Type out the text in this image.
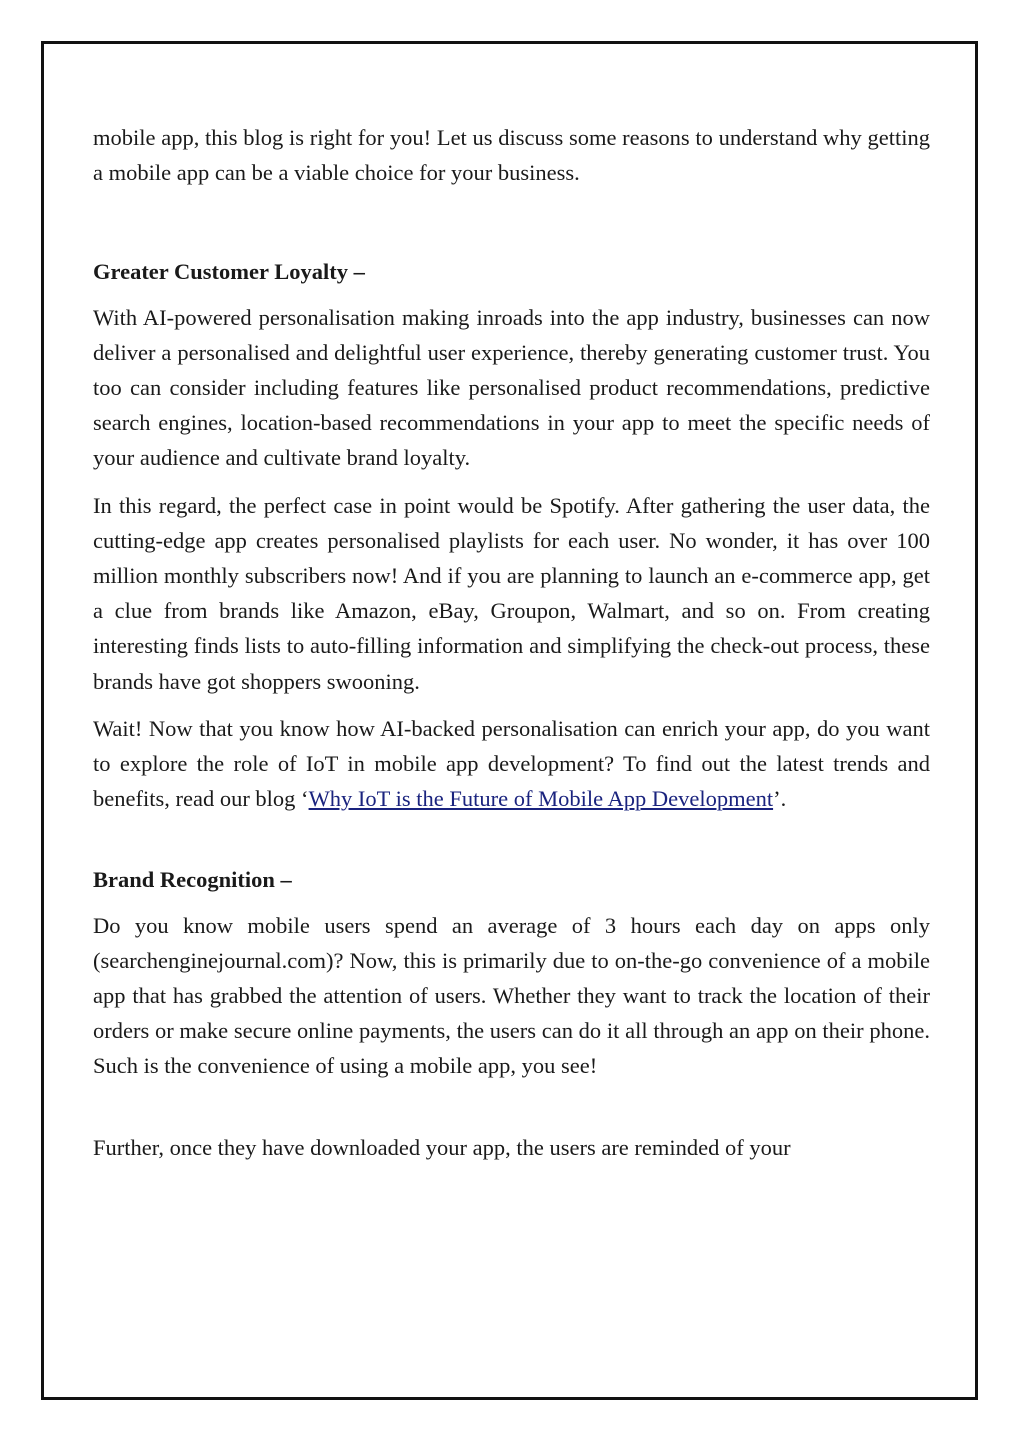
mobile app, this blog is right for you! Let us discuss some reasons to understand why getting a mobile app can be a viable choice for your business.

Greater Customer Loyalty –

With AI-powered personalisation making inroads into the app industry, businesses can now deliver a personalised and delightful user experience, thereby generating customer trust. You too can consider including features like personalised product recommendations, predictive search engines, location-based recommendations in your app to meet the specific needs of your audience and cultivate brand loyalty.

In this regard, the perfect case in point would be Spotify. After gathering the user data, the cutting-edge app creates personalised playlists for each user. No wonder, it has over 100 million monthly subscribers now! And if you are planning to launch an e-commerce app, get a clue from brands like Amazon, eBay, Groupon, Walmart, and so on. From creating interesting finds lists to auto-filling information and simplifying the check-out process, these brands have got shoppers swooning.

Wait! Now that you know how AI-backed personalisation can enrich your app, do you want to explore the role of IoT in mobile app development? To find out the latest trends and benefits, read our blog ‘Why IoT is the Future of Mobile App Development’.

Brand Recognition –

Do you know mobile users spend an average of 3 hours each day on apps only (searchenginejournal.com)? Now, this is primarily due to on-the-go convenience of a mobile app that has grabbed the attention of users. Whether they want to track the location of their orders or make secure online payments, the users can do it all through an app on their phone. Such is the convenience of using a mobile app, you see!

Further, once they have downloaded your app, the users are reminded of your
